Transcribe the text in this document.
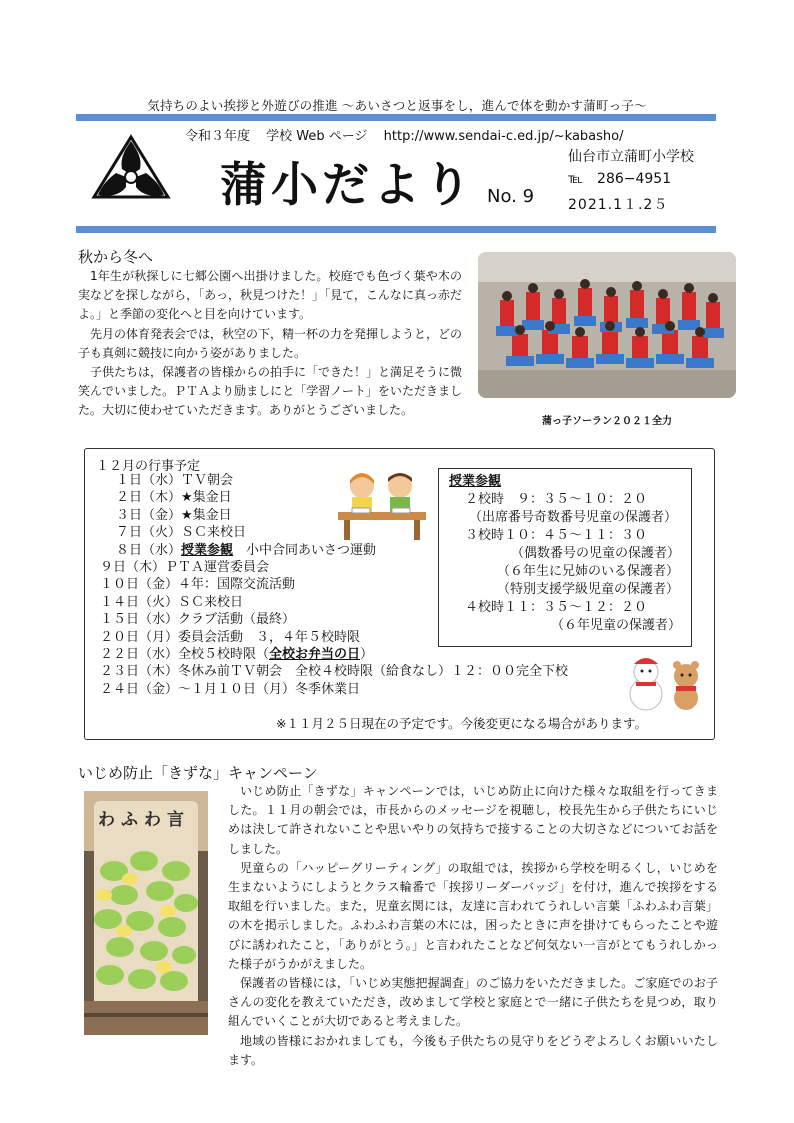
気持ちのよい挨拶と外遊びの推進 〜あいさつと返事をし，進んで体を動かす蒲町っ子〜
令和３年度 学校 Web ページ http://www.sendai-c.ed.jp/~kabasho/
蒲小だより No. 9
仙台市立蒲町小学校
℡　286−4951
2021.1１.2５
秋から冬へ

1年生が秋探しに七郷公園へ出掛けました。校庭でも色づく葉や木の実などを探しながら，「あっ，秋見つけた！」「見て，こんなに真っ赤だよ。」と季節の変化へと目を向けています。

先月の体育発表会では，秋空の下，精一杯の力を発揮しようと，どの子も真剣に競技に向かう姿がありました。

子供たちは，保護者の皆様からの拍手に「できた！」と満足そうに微笑んでいました。ＰＴＡより励ましにと「学習ノート」をいただきました。大切に使わせていただきます。ありがとうございました。

蒲っ子ソーラン２０２１全力
１２月の行事予定
１日（水）ＴＶ朝会
２日（木）★集金日
３日（金）★集金日
７日（火）ＳＣ来校日
８日（水）授業参観　小中合同あいさつ運動
９日（木）ＰＴＡ運営委員会
１０日（金）４年：国際交流活動
１４日（火）ＳＣ来校日
１５日（水）クラブ活動（最終）
２０日（月）委員会活動　３，４年５校時限
２２日（水）全校５校時限（全校お弁当の日）
２３日（木）冬休み前ＴＶ朝会　全校４校時限（給食なし）１２：００完全下校
２４日（金）〜１月１０日（月）冬季休業日
授業参観
２校時　９：３５〜１０：２０
（出席番号奇数番号児童の保護者）
３校時１０：４５〜１１：３０
（偶数番号の児童の保護者）
（６年生に兄姉のいる保護者）
（特別支援学級児童の保護者）
４校時１１：３５〜１２：２０
（６年児童の保護者）
※１１月２５日現在の予定です。今後変更になる場合があります。
いじめ防止「きずな」キャンペーン
わふわ言

いじめ防止「きずな」キャンペーンでは，いじめ防止に向けた様々な取組を行ってきました。１１月の朝会では，市長からのメッセージを視聴し，校長先生から子供たちにいじめは決して許されないことや思いやりの気持ちで接することの大切さなどについてお話をしました。

児童らの「ハッピーグリーティング」の取組では，挨拶から学校を明るくし，いじめを生まないようにしようとクラス輪番で「挨拶リーダーバッジ」を付け，進んで挨拶をする取組を行いました。また，児童玄関には，友達に言われてうれしい言葉「ふわふわ言葉」の木を掲示しました。ふわふわ言葉の木には，困ったときに声を掛けてもらったことや遊びに誘われたこと，「ありがとう。」と言われたことなど何気ない一言がとてもうれしかった様子がうかがえました。

保護者の皆様には，「いじめ実態把握調査」のご協力をいただきました。ご家庭でのお子さんの変化を教えていただき，改めまして学校と家庭とで一緒に子供たちを見つめ，取り組んでいくことが大切であると考えました。

地域の皆様におかれましても，今後も子供たちの見守りをどうぞよろしくお願いいたします。
